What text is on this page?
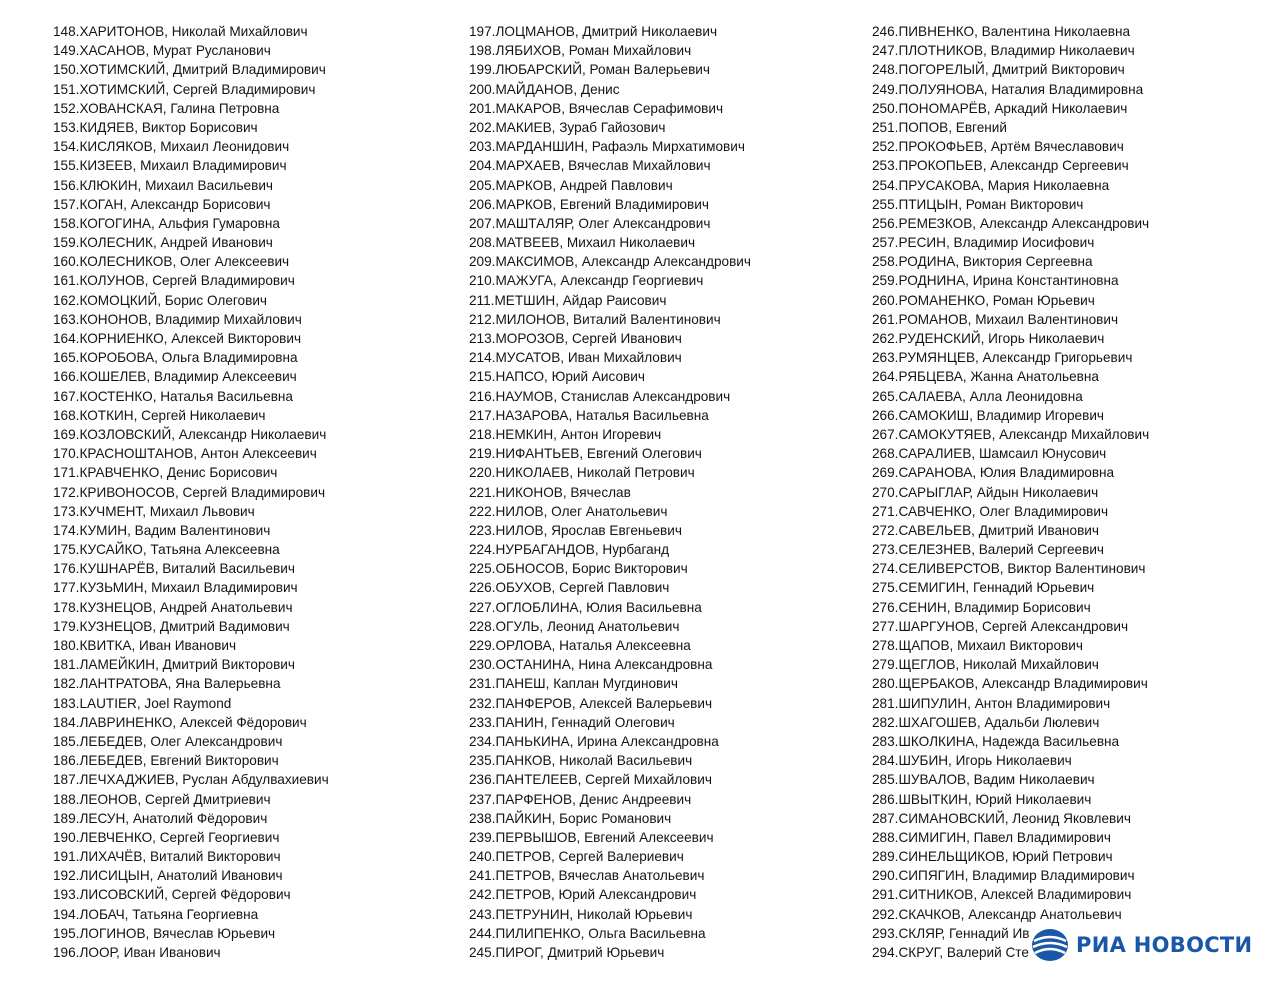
148.ХАРИТОНОВ, Николай Михайлович
149.ХАСАНОВ, Мурат Русланович
150.ХОТИМСКИЙ, Дмитрий Владимирович
151.ХОТИМСКИЙ, Сергей Владимирович
152.ХОВАНСКАЯ, Галина Петровна
153.КИДЯЕВ, Виктор Борисович
154.КИСЛЯКОВ, Михаил Леонидович
155.КИЗЕЕВ, Михаил Владимирович
156.КЛЮКИН, Михаил Васильевич
157.КОГАН, Александр Борисович
158.КОГОГИНА, Альфия Гумаровна
159.КОЛЕСНИК, Андрей Иванович
160.КОЛЕСНИКОВ, Олег Алексеевич
161.КОЛУНОВ, Сергей Владимирович
162.КОМОЦКИЙ, Борис Олегович
163.КОНОНОВ, Владимир Михайлович
164.КОРНИЕНКО, Алексей Викторович
165.КОРОБОВА, Ольга Владимировна
166.КОШЕЛЕВ, Владимир Алексеевич
167.КОСТЕНКО, Наталья Васильевна
168.КОТКИН, Сергей Николаевич
169.КОЗЛОВСКИЙ, Александр Николаевич
170.КРАСНОШТАНОВ, Антон Алексеевич
171.КРАВЧЕНКО, Денис Борисович
172.КРИВОНОСОВ, Сергей Владимирович
173.КУЧМЕНТ, Михаил Львович
174.КУМИН, Вадим Валентинович
175.КУСАЙКО, Татьяна Алексеевна
176.КУШНАРЁВ, Виталий Васильевич
177.КУЗЬМИН, Михаил Владимирович
178.КУЗНЕЦОВ, Андрей Анатольевич
179.КУЗНЕЦОВ, Дмитрий Вадимович
180.КВИТКА, Иван Иванович
181.ЛАМЕЙКИН, Дмитрий Викторович
182.ЛАНТРАТОВА, Яна Валерьевна
183.LAUTIER, Joel Raymond
184.ЛАВРИНЕНКО, Алексей Фёдорович
185.ЛЕБЕДЕВ, Олег Александрович
186.ЛЕБЕДЕВ, Евгений Викторович
187.ЛЕЧХАДЖИЕВ, Руслан Абдулвахиевич
188.ЛЕОНОВ, Сергей Дмитриевич
189.ЛЕСУН, Анатолий Фёдорович
190.ЛЕВЧЕНКО, Сергей Георгиевич
191.ЛИХАЧЁВ, Виталий Викторович
192.ЛИСИЦЫН, Анатолий Иванович
193.ЛИСОВСКИЙ, Сергей Фёдорович
194.ЛОБАЧ, Татьяна Георгиевна
195.ЛОГИНОВ, Вячеслав Юрьевич
196.ЛООР, Иван Иванович
197.ЛОЦМАНОВ, Дмитрий Николаевич
198.ЛЯБИХОВ, Роман Михайлович
199.ЛЮБАРСКИЙ, Роман Валерьевич
200.МАЙДАНОВ, Денис
201.МАКАРОВ, Вячеслав Серафимович
202.МАКИЕВ, Зураб Гайозович
203.МАРДАНШИН, Рафаэль Мирхатимович
204.МАРХАЕВ, Вячеслав Михайлович
205.МАРКОВ, Андрей Павлович
206.МАРКОВ, Евгений Владимирович
207.МАШТАЛЯР, Олег Александрович
208.МАТВЕЕВ, Михаил Николаевич
209.МАКСИМОВ, Александр Александрович
210.МАЖУГА, Александр Георгиевич
211.МЕТШИН, Айдар Раисович
212.МИЛОНОВ, Виталий Валентинович
213.МОРОЗОВ, Сергей Иванович
214.МУСАТОВ, Иван Михайлович
215.НАПСО, Юрий Аисович
216.НАУМОВ, Станислав Александрович
217.НАЗАРОВА, Наталья Васильевна
218.НЕМКИН, Антон Игоревич
219.НИФАНТЬЕВ, Евгений Олегович
220.НИКОЛАЕВ, Николай Петрович
221.НИКОНОВ, Вячеслав
222.НИЛОВ, Олег Анатольевич
223.НИЛОВ, Ярослав Евгеньевич
224.НУРБАГАНДОВ, Нурбаганд
225.ОБНОСОВ, Борис Викторович
226.ОБУХОВ, Сергей Павлович
227.ОГЛОБЛИНА, Юлия Васильевна
228.ОГУЛЬ, Леонид Анатольевич
229.ОРЛОВА, Наталья Алексеевна
230.ОСТАНИНА, Нина Александровна
231.ПАНЕШ, Каплан Мугдинович
232.ПАНФЕРОВ, Алексей Валерьевич
233.ПАНИН, Геннадий Олегович
234.ПАНЬКИНА, Ирина Александровна
235.ПАНКОВ, Николай Васильевич
236.ПАНТЕЛЕЕВ, Сергей Михайлович
237.ПАРФЕНОВ, Денис Андреевич
238.ПАЙКИН, Борис Романович
239.ПЕРВЫШОВ, Евгений Алексеевич
240.ПЕТРОВ, Сергей Валериевич
241.ПЕТРОВ, Вячеслав Анатольевич
242.ПЕТРОВ, Юрий Александрович
243.ПЕТРУНИН, Николай Юрьевич
244.ПИЛИПЕНКО, Ольга Васильевна
245.ПИРОГ, Дмитрий Юрьевич
246.ПИВНЕНКО, Валентина Николаевна
247.ПЛОТНИКОВ, Владимир Николаевич
248.ПОГОРЕЛЫЙ, Дмитрий Викторович
249.ПОЛУЯНОВА, Наталия Владимировна
250.ПОНОМАРЁВ, Аркадий Николаевич
251.ПОПОВ, Евгений
252.ПРОКОФЬЕВ, Артём Вячеславович
253.ПРОКОПЬЕВ, Александр Сергеевич
254.ПРУСАКОВА, Мария Николаевна
255.ПТИЦЫН, Роман Викторович
256.РЕМЕЗКОВ, Александр Александрович
257.РЕСИН, Владимир Иосифович
258.РОДИНА, Виктория Сергеевна
259.РОДНИНА, Ирина Константиновна
260.РОМАНЕНКО, Роман Юрьевич
261.РОМАНОВ, Михаил Валентинович
262.РУДЕНСКИЙ, Игорь Николаевич
263.РУМЯНЦЕВ, Александр Григорьевич
264.РЯБЦЕВА, Жанна Анатольевна
265.САЛАЕВА, Алла Леонидовна
266.САМОКИШ, Владимир Игоревич
267.САМОКУТЯЕВ, Александр Михайлович
268.САРАЛИЕВ, Шамсаил Юнусович
269.САРАНОВА, Юлия Владимировна
270.САРЫГЛАР, Айдын Николаевич
271.САВЧЕНКО, Олег Владимирович
272.САВЕЛЬЕВ, Дмитрий Иванович
273.СЕЛЕЗНЕВ, Валерий Сергеевич
274.СЕЛИВЕРСТОВ, Виктор Валентинович
275.СЕМИГИН, Геннадий Юрьевич
276.СЕНИН, Владимир Борисович
277.ШАРГУНОВ, Сергей Александрович
278.ЩАПОВ, Михаил Викторович
279.ЩЕГЛОВ, Николай Михайлович
280.ЩЕРБАКОВ, Александр Владимирович
281.ШИПУЛИН, Антон Владимирович
282.ШХАГОШЕВ, Адальби Люлевич
283.ШКОЛКИНА, Надежда Васильевна
284.ШУБИН, Игорь Николаевич
285.ШУВАЛОВ, Вадим Николаевич
286.ШВЫТКИН, Юрий Николаевич
287.СИМАНОВСКИЙ, Леонид Яковлевич
288.СИМИГИН, Павел Владимирович
289.СИНЕЛЬЩИКОВ, Юрий Петрович
290.СИПЯГИН, Владимир Владимирович
291.СИТНИКОВ, Алексей Владимирович
292.СКАЧКОВ, Александр Анатольевич
293.СКЛЯР, Геннадий Ив
294.СКРУГ, Валерий Сте	РИА НОВОСТИ
